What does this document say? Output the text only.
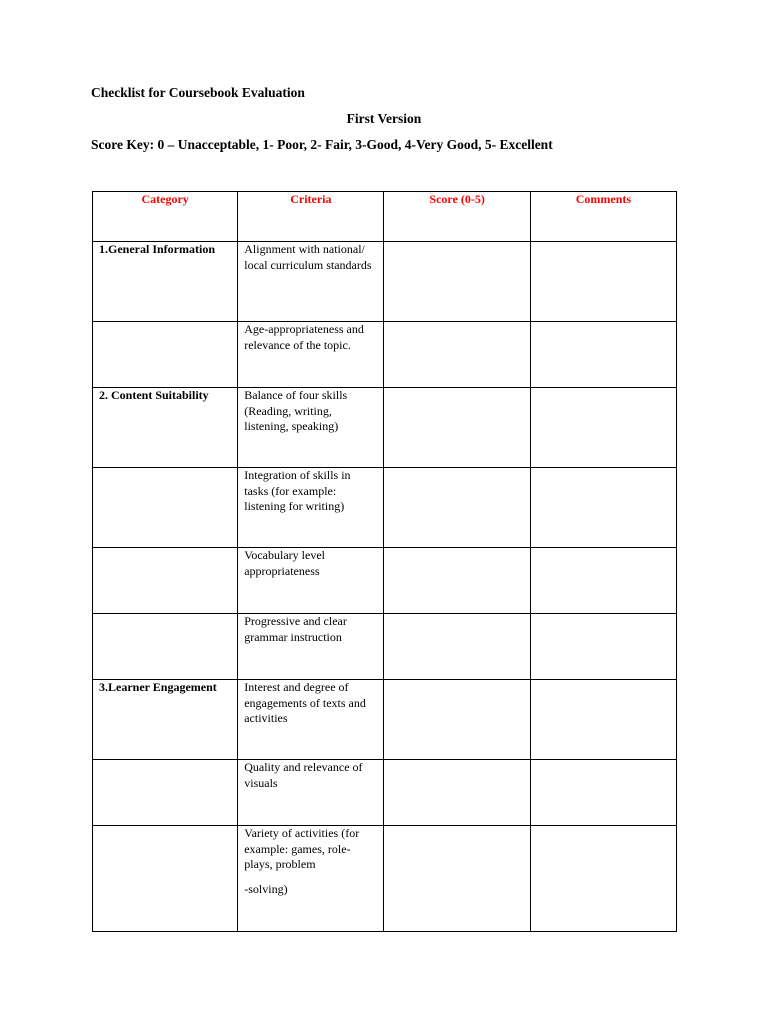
Checklist for Coursebook Evaluation
First Version
Score Key: 0 – Unacceptable, 1- Poor, 2- Fair, 3-Good, 4-Very Good, 5- Excellent
Category	Criteria	Score (0-5)	Comments
1.General Information	Alignment with national/ local curriculum standards		

	Age-appropriateness and relevance of the topic.		

2. Content Suitability	Balance of four skills (Reading, writing, listening, speaking)		

	Integration of skills in tasks (for example: listening for writing)		

	Vocabulary level appropriateness		

	Progressive and clear grammar instruction		

3.Learner Engagement	Interest and degree of engagements of texts and activities		

	Quality and relevance of visuals		

	Variety of activities (for example: games, role-plays, problem

-solving)		
